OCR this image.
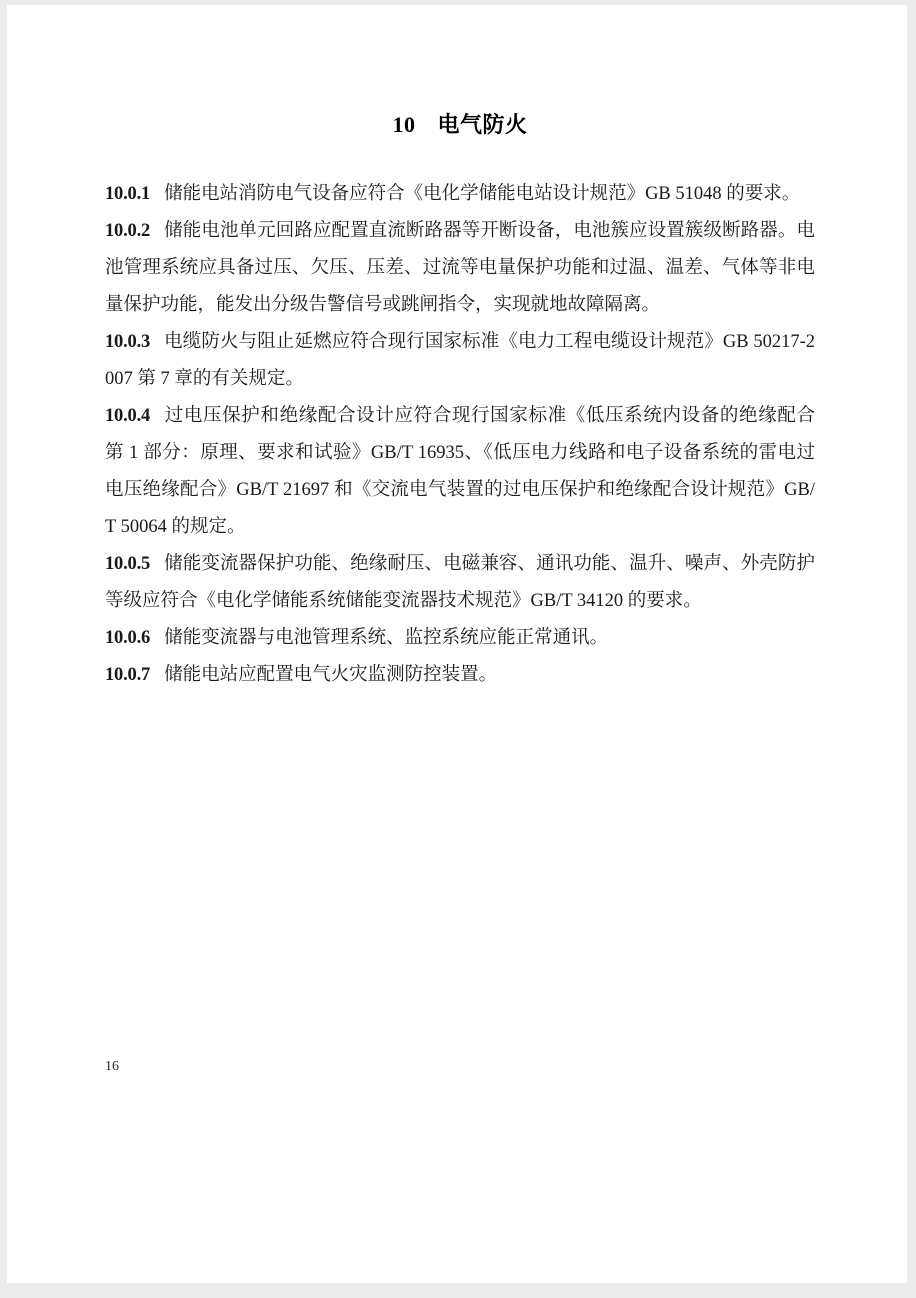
10 电气防火

10.0.1 储能电站消防电气设备应符合《电化学储能电站设计规范》GB 51048 的要求。

10.0.2 储能电池单元回路应配置直流断路器等开断设备，电池簇应设置簇级断路器。电池管理系统应具备过压、欠压、压差、过流等电量保护功能和过温、温差、气体等非电量保护功能，能发出分级告警信号或跳闸指令，实现就地故障隔离。

10.0.3 电缆防火与阻止延燃应符合现行国家标准《电力工程电缆设计规范》GB 50217-2007 第 7 章的有关规定。

10.0.4 过电压保护和绝缘配合设计应符合现行国家标准《低压系统内设备的绝缘配合 第 1 部分：原理、要求和试验》GB/T 16935、《低压电力线路和电子设备系统的雷电过电压绝缘配合》GB/T 21697 和《交流电气装置的过电压保护和绝缘配合设计规范》GB/T 50064 的规定。

10.0.5 储能变流器保护功能、绝缘耐压、电磁兼容、通讯功能、温升、噪声、外壳防护等级应符合《电化学储能系统储能变流器技术规范》GB/T 34120 的要求。

10.0.6 储能变流器与电池管理系统、监控系统应能正常通讯。

10.0.7 储能电站应配置电气火灾监测防控装置。

16
